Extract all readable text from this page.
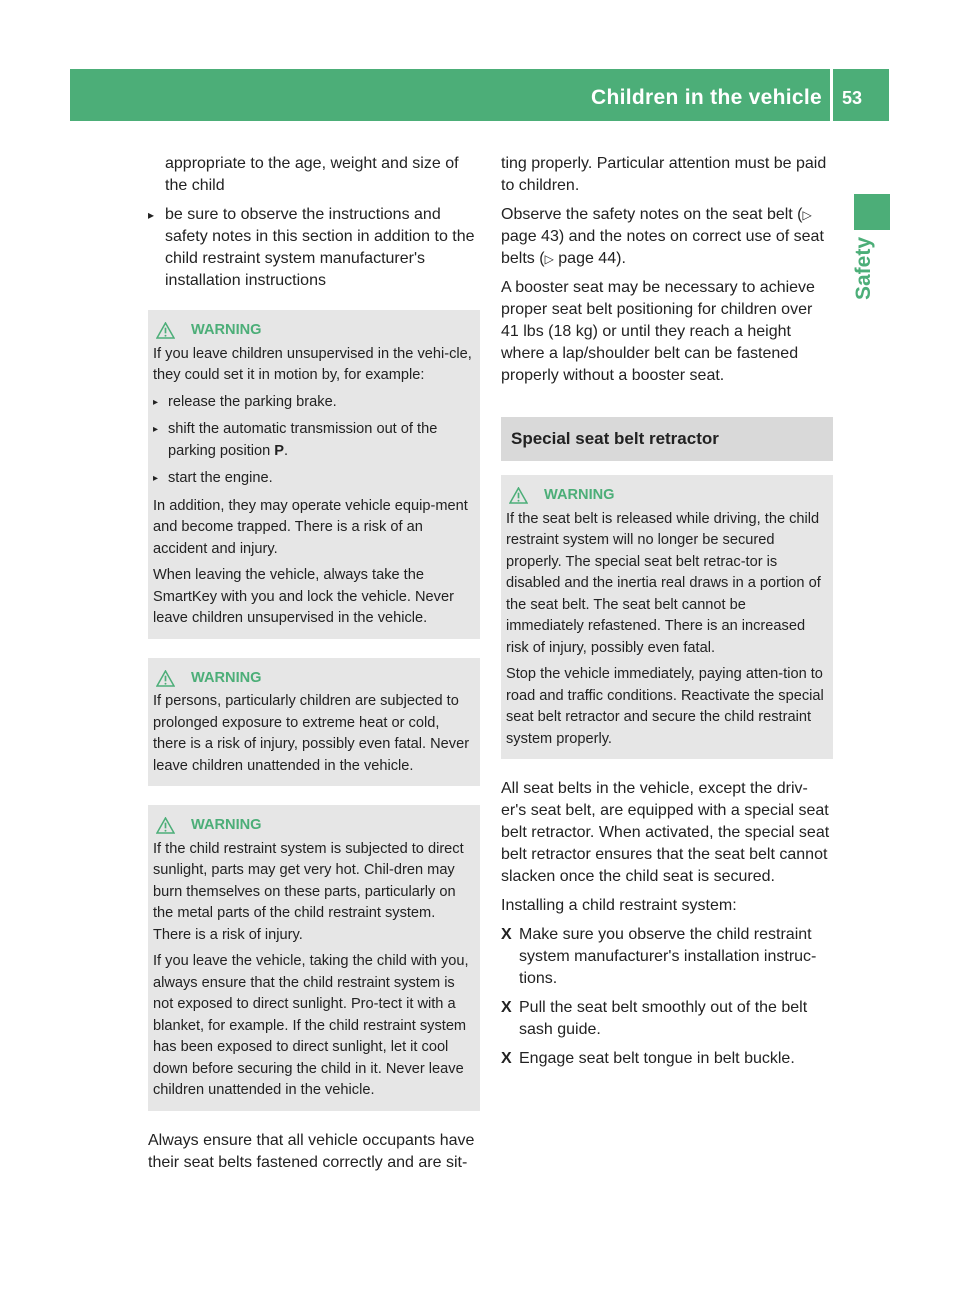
Children in the vehicle 53
Safety

appropriate to the age, weight and size of the child

▸ be sure to observe the instructions and safety notes in this section in addition to the child restraint system manufacturer's installation instructions
WARNING

If you leave children unsupervised in the vehi-cle, they could set it in motion by, for example:

▸ release the parking brake.
▸ shift the automatic transmission out of the parking position P.
▸ start the engine.

In addition, they may operate vehicle equip-ment and become trapped. There is a risk of an accident and injury.

When leaving the vehicle, always take the SmartKey with you and lock the vehicle. Never leave children unsupervised in the vehicle.

WARNING

If persons, particularly children are subjected to prolonged exposure to extreme heat or cold, there is a risk of injury, possibly even fatal. Never leave children unattended in the vehicle.

WARNING

If the child restraint system is subjected to direct sunlight, parts may get very hot. Chil-dren may burn themselves on these parts, particularly on the metal parts of the child restraint system. There is a risk of injury.

If you leave the vehicle, taking the child with you, always ensure that the child restraint system is not exposed to direct sunlight. Pro-tect it with a blanket, for example. If the child restraint system has been exposed to direct sunlight, let it cool down before securing the child in it. Never leave children unattended in the vehicle.

Always ensure that all vehicle occupants have their seat belts fastened correctly and are sit-

ting properly. Particular attention must be paid to children.

Observe the safety notes on the seat belt (▷ page 43) and the notes on correct use of seat belts (▷ page 44).

A booster seat may be necessary to achieve proper seat belt positioning for children over 41 lbs (18 kg) or until they reach a height where a lap/shoulder belt can be fastened properly without a booster seat.

Special seat belt retractor
WARNING

If the seat belt is released while driving, the child restraint system will no longer be secured properly. The special seat belt retrac-tor is disabled and the inertia real draws in a portion of the seat belt. The seat belt cannot be immediately refastened. There is an increased risk of injury, possibly even fatal.

Stop the vehicle immediately, paying atten-tion to road and traffic conditions. Reactivate the special seat belt retractor and secure the child restraint system properly.

All seat belts in the vehicle, except the driv-er's seat belt, are equipped with a special seat belt retractor. When activated, the special seat belt retractor ensures that the seat belt cannot slacken once the child seat is secured.

Installing a child restraint system:

X Make sure you observe the child restraint system manufacturer's installation instruc-tions.
X Pull the seat belt smoothly out of the belt sash guide.
X Engage seat belt tongue in belt buckle.
